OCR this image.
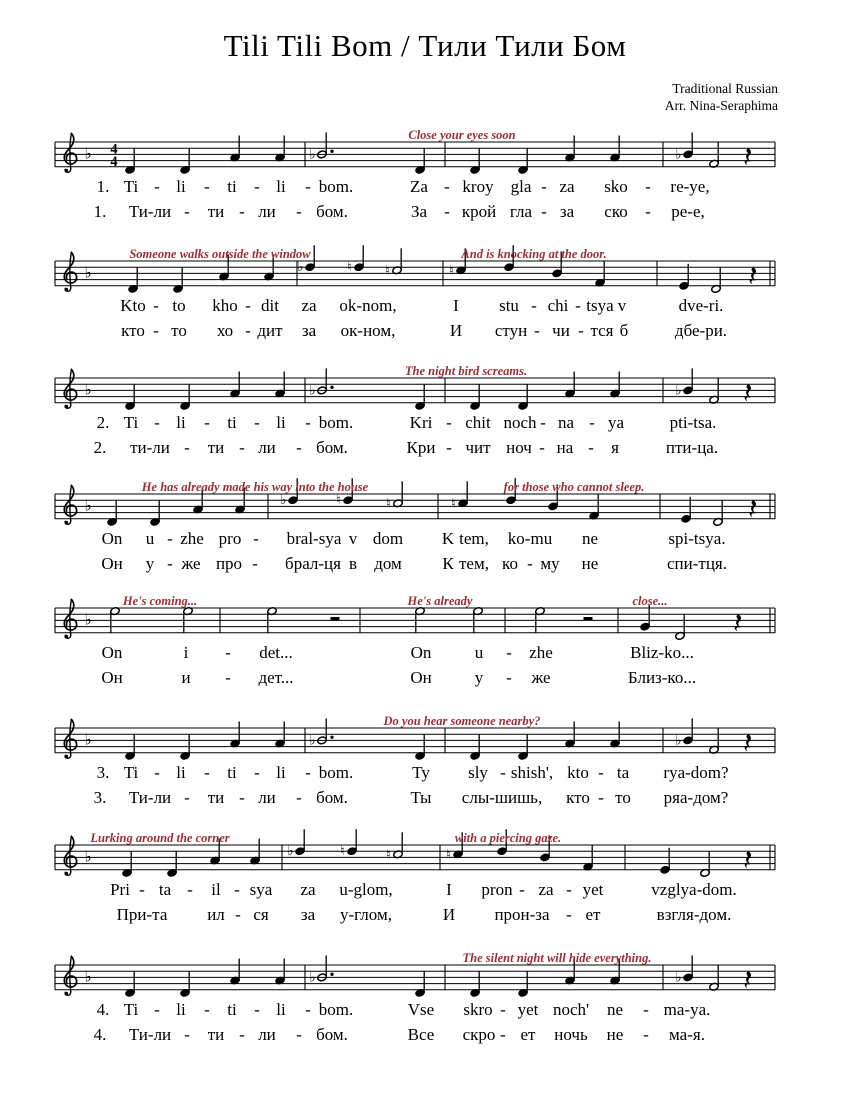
Tili Tili Bom / Тили Тили Бом
Traditional Russian
Arr. Nina-Seraphima
♭ 4
4	♭	♭
Close your eyes soon
1. Ti - li - ti - li - bom.	Za - kroy gla - za sko - re-ye,
1. Ти-ли - ти - ли - бом.	За - крой гла - за ско - ре-е,
♭	♭	♮	♮	♮
Someone walks outside the window	And is knocking at the door.
Kto - to kho - dit za ok-nom,	I stu - chi - tsya v	dve-ri.
кто - то хо - дит за ок-ном,	И стун - чи - тся б	дбе-ри.
♭	♭	♭
The night bird screams.
2. Ti - li - ti - li - bom.	Kri - chit noch - na - ya	pti-tsa.
2. ти-ли - ти - ли - бом.	Кри - чит ноч - на - я	пти-ца.
♭	♭	♮	♮	♮
He has already made his way into the house	for those who cannot sleep.
On u - zhe pro - bral-sya v dom K tem, ko-mu ne	spi-tsya.
Он у - же про - брал-ця в дом К тем, ко - му не	спи-тця.
♭
He's coming...	He's already	close...
On	i - det...	On	u - zhe	Bliz-ko...
Он	и - дет...	Он	у - же	Близ-ко...
♭	♭	♭
Do you hear someone nearby?
3. Ti - li - ti - li - bom.	Ty sly - shish', kto - ta rya-dom?
3. Ти-ли - ти - ли - бом.	Ты слы-шишь, кто - то ряа-дом?
♭	♭	♮	♮	♮
Lurking around the corner	with a piercing gaze.
Pri - ta - il - sya za u-glom,	I pron - za - yet	vzglya-dom.
При-та ил - ся за у-глом,	И прон-за - ет	взгля-дом.
♭	♭	♭
The silent night will hide everything.
4. Ti - li - ti - li - bom.	Vse skro - yet noch' ne - ma-ya.
4. Ти-ли - ти - ли - бом.	Все скро - ет ночь не - ма-я.
